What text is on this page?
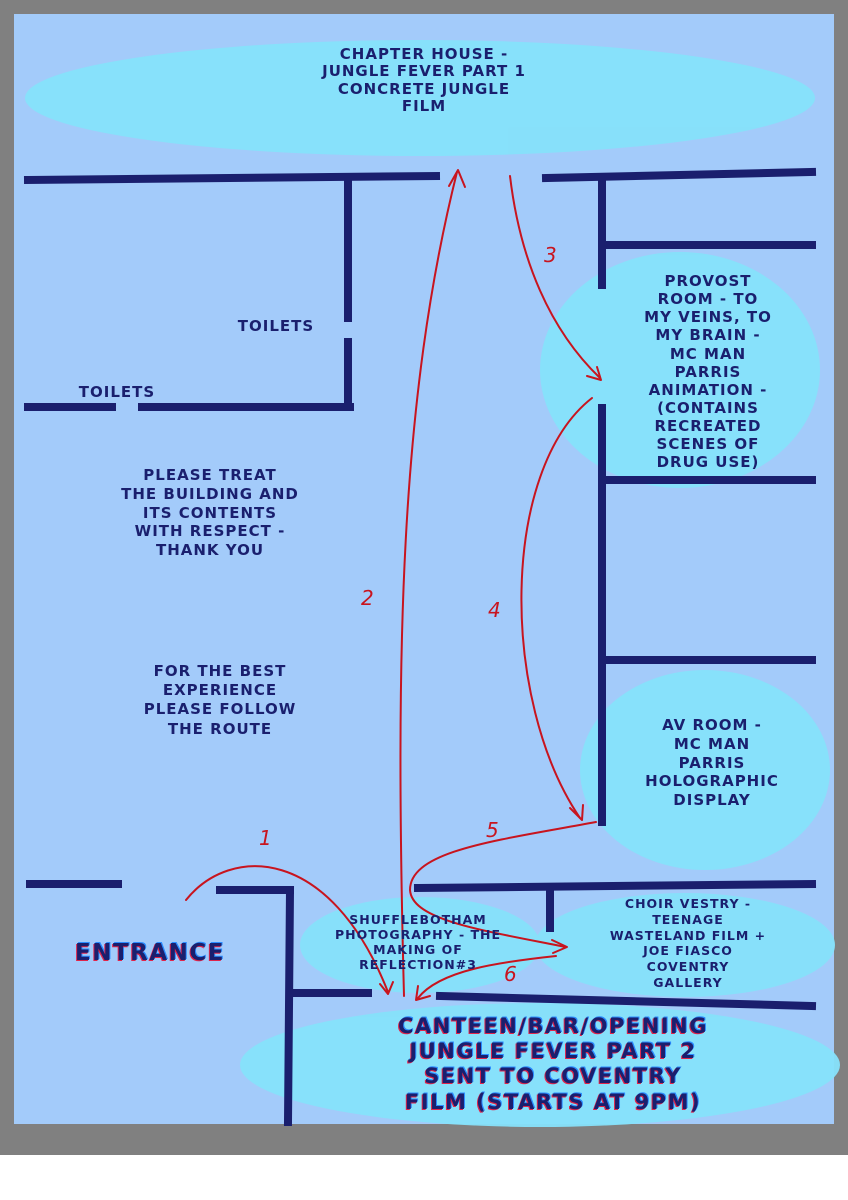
1
2
3
4
5
6
CHAPTER HOUSE -
JUNGLE FEVER PART 1
CONCRETE JUNGLE
FILM
TOILETS
TOILETS
PROVOST
ROOM - TO
MY VEINS, TO
MY BRAIN -
MC MAN
PARRIS
ANIMATION -
(CONTAINS
RECREATED
SCENES OF
DRUG USE)
PLEASE TREAT
THE BUILDING AND
ITS CONTENTS
WITH RESPECT -
THANK YOU
FOR THE BEST
EXPERIENCE
PLEASE FOLLOW
THE ROUTE	AV ROOM -
MC MAN
PARRIS
HOLOGRAPHIC
DISPLAY
SHUFFLEBOTHAM
PHOTOGRAPHY - THE
MAKING OF
REFLECTION#3
CHOIR VESTRY -
TEENAGE
WASTELAND FILM +
JOE FIASCO
COVENTRY
GALLERY
ENTRANCE
CANTEEN/BAR/OPENING
JUNGLE FEVER PART 2
SENT TO COVENTRY
FILM (STARTS AT 9PM)
